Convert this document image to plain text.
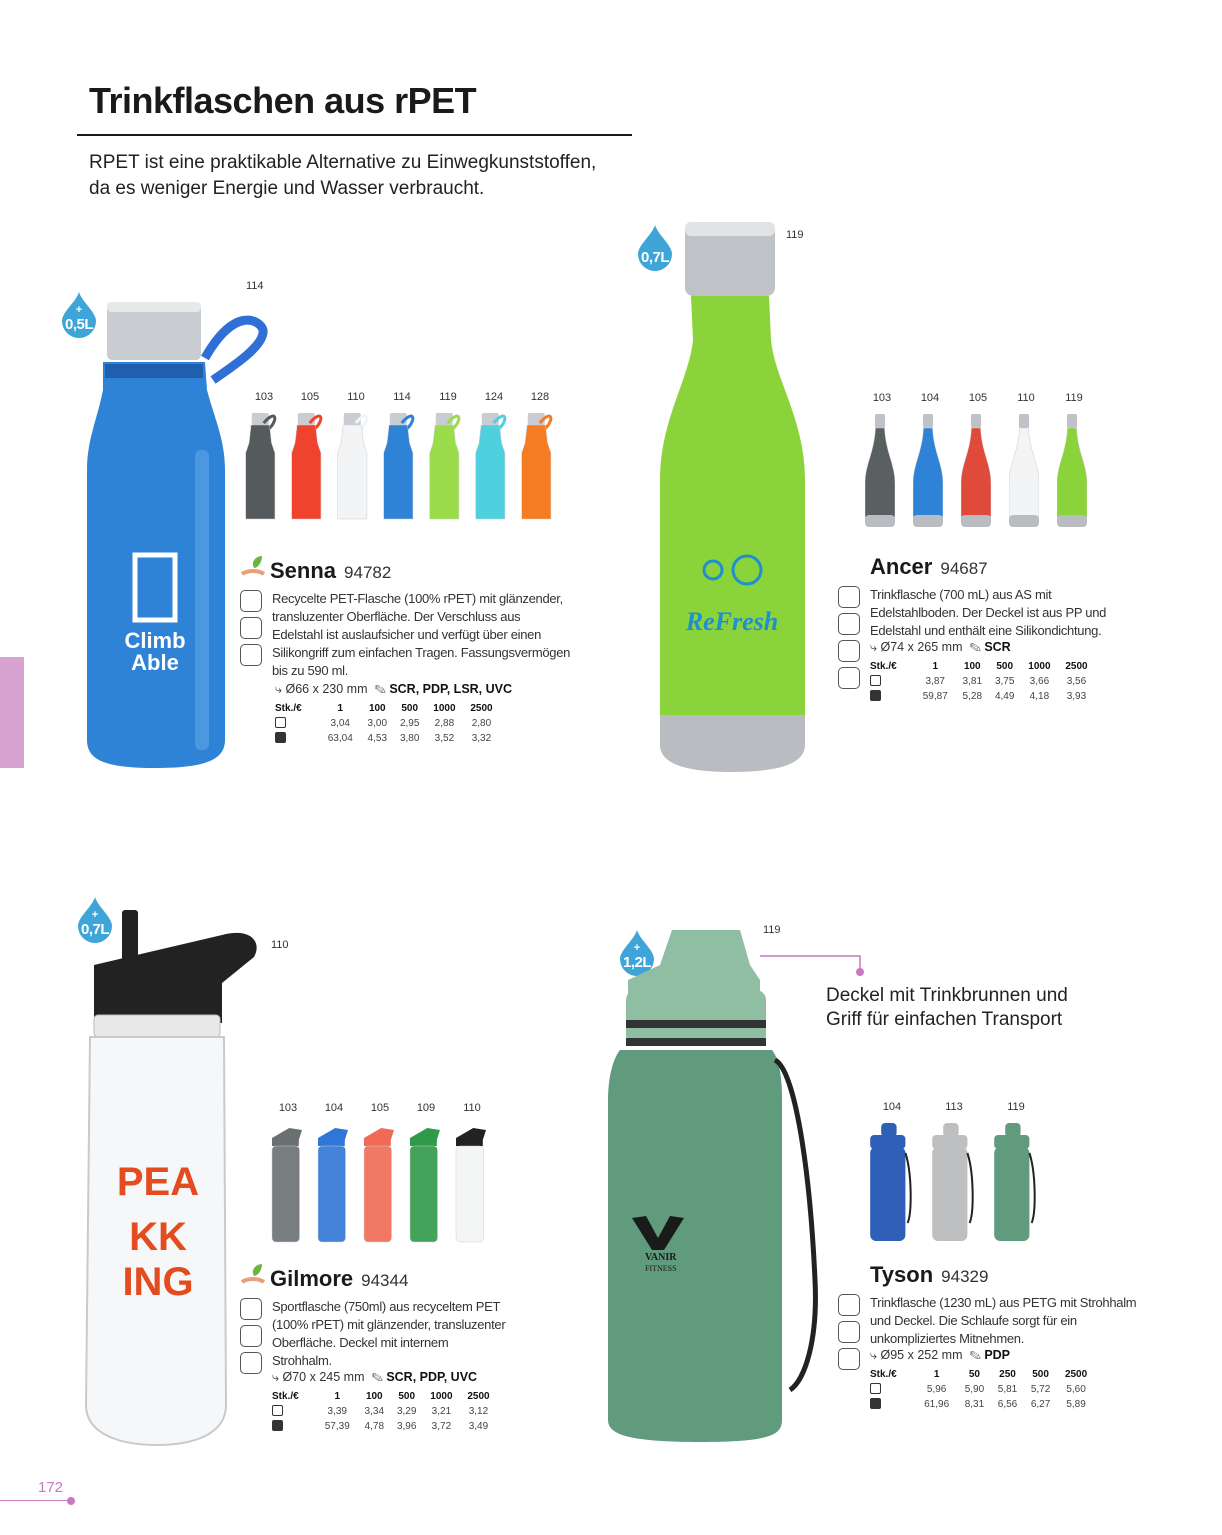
Trinkflaschen aus rPET
RPET ist eine praktikable Alternative zu Einwegkunststoffen,
da es weniger Energie und Wasser verbraucht.
+
0,5L
114
Climb
Able
103	105	110	114	119	124	128
Senna 94782
Recycelte PET-Flasche (100% rPET) mit glänzender,
transluzenter Oberfläche. Der Verschluss aus
Edelstahl ist auslaufsicher und verfügt über einen
Silikongriff zum einfachen Tragen. Fassungsvermögen
bis zu 590 ml.
⤷ Ø66 x 230 mm ✎ SCR, PDP, LSR, UVC
Stk./€	1	100	500	1000	2500
	3,04	3,00	2,95	2,88	2,80
	63,04	4,53	3,80	3,52	3,32
0,7L
119
ReFresh
103	104	105	110	119
Ancer 94687
Trinkflasche (700 mL) aus AS mit
Edelstahlboden. Der Deckel ist aus PP und
Edelstahl und enthält eine Silikondichtung.
⤷ Ø74 x 265 mm ✎ SCR
Stk./€	1	100	500	1000	2500
	3,87	3,81	3,75	3,66	3,56
	59,87	5,28	4,49	4,18	3,93
+
0,7L
110
PEA
KK
ING
103	104	105	109	110
Gilmore 94344
Sportflasche (750ml) aus recyceltem PET
(100% rPET) mit glänzender, transluzenter
Oberfläche. Deckel mit internem
Strohhalm.
⤷ Ø70 x 245 mm ✎ SCR, PDP, UVC
Stk./€	1	100	500	1000	2500
	3,39	3,34	3,29	3,21	3,12
	57,39	4,78	3,96	3,72	3,49
+
1,2L
119
VANIR
FITNESS
Deckel mit Trinkbrunnen und
Griff für einfachen Transport
104	113	119
Tyson 94329
Trinkflasche (1230 mL) aus PETG mit Strohhalm
und Deckel. Die Schlaufe sorgt für ein
unkompliziertes Mitnehmen.
⤷ Ø95 x 252 mm ✎ PDP
Stk./€	1	50	250	500	2500
	5,96	5,90	5,81	5,72	5,60
	61,96	8,31	6,56	6,27	5,89
172
